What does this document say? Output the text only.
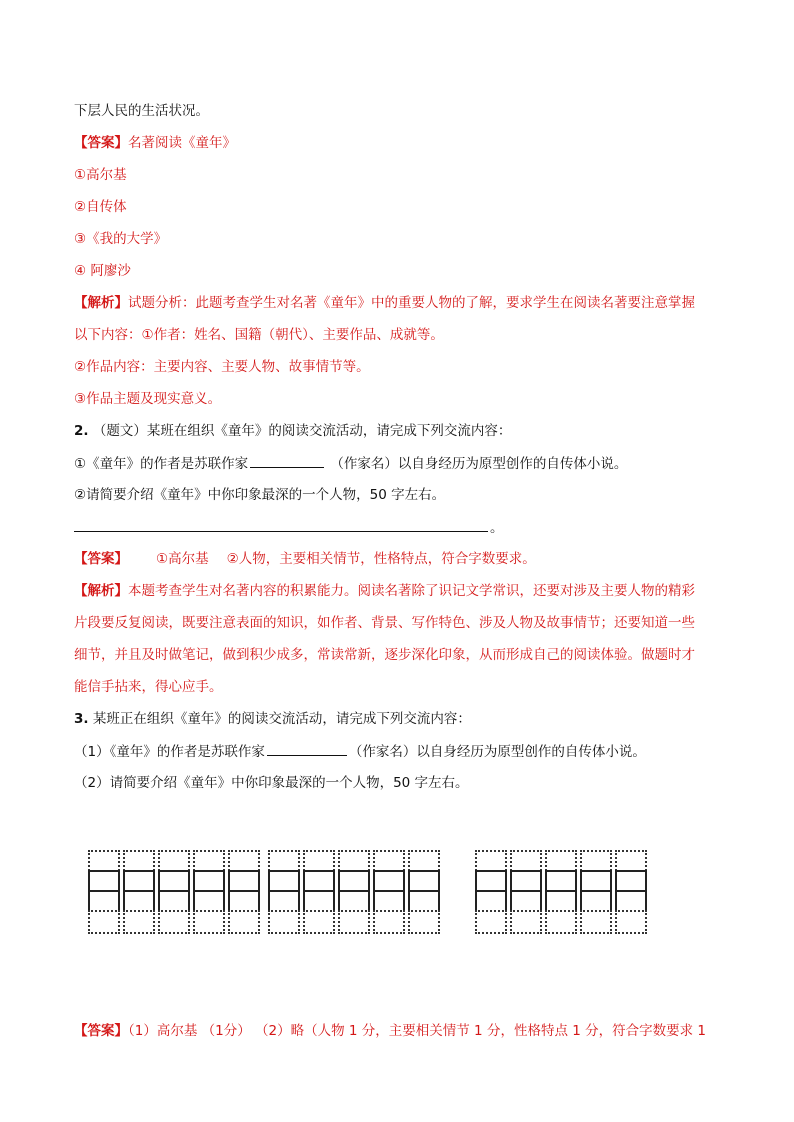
下层人民的生活状况。
【答案】名著阅读《童年》
①高尔基
②自传体
③《我的大学》
④ 阿廖沙
【解析】试题分析：此题考查学生对名著《童年》中的重要人物的了解，要求学生在阅读名著要注意掌握
以下内容：①作者：姓名、国籍（朝代）、主要作品、成就等。
②作品内容：主要内容、主要人物、故事情节等。
③作品主题及现实意义。
2. （题文）某班在组织《童年》的阅读交流活动，请完成下列交流内容：
①《童年》的作者是苏联作家	（作家名）以自身经历为原型创作的自传体小说。
②请简要介绍《童年》中你印象最深的一个人物，50 字左右。
。
【答案】 ①高尔基 ②人物，主要相关情节，性格特点，符合字数要求。
【解析】本题考查学生对名著内容的积累能力。阅读名著除了识记文学常识，还要对涉及主要人物的精彩
片段要反复阅读，既要注意表面的知识，如作者、背景、写作特色、涉及人物及故事情节；还要知道一些
细节，并且及时做笔记，做到积少成多，常读常新，逐步深化印象，从而形成自己的阅读体验。做题时才
能信手拈来，得心应手。
3. 某班正在组织《童年》的阅读交流活动，请完成下列交流内容：
（1）《童年》的作者是苏联作家	（作家名）以自身经历为原型创作的自传体小说。
（2）请简要介绍《童年》中你印象最深的一个人物，50 字左右。
【答案】（1）高尔基 （1分） （2）略（人物 1 分，主要相关情节 1 分，性格特点 1 分，符合字数要求 1
